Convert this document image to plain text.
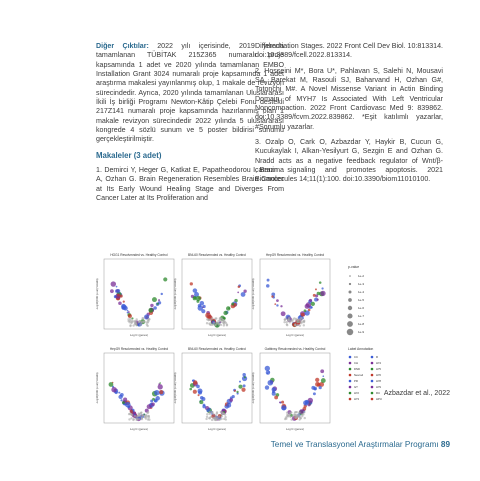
Diğer Çıktılar: 2022 yılı içerisinde, 2019 yılında tamamlanan TÜBİTAK 215Z365 numaralı proje kapsamında 1 adet ve 2020 yılında tamamlanan EMBO Installation Grant 3024 numaralı proje kapsamında 1 adet araştırma makalesi yayınlanmış olup, 1 makale de revizyon sürecindedir. Ayrıca, 2020 yılında tamamlanan Uluslararası İkili İş birliği Programı Newton-Kâtip Çelebi Fonu destekli 217Z141 numaralı proje kapsamında hazırlanmış olan 1 makale revizyon sürecindedir 2022 yılında 5 uluslararası kongrede 4 sözlü sunum ve 5 poster bildirisi sunumu gerçekleştirilmiştir.

Makaleler (3 adet)

1. Demirci Y, Heger G, Katkat E, Papatheodorou I, Brazma A, Ozhan G. Brain Regeneration Resembles Brain Cancer at Its Early Wound Healing Stage and Diverges From Cancer Later at Its Proliferation and

Differentiation Stages. 2022 Front Cell Dev Biol. 10:813314. doi:10.3389/fcell.2022.813314.

2. Hosseini M*, Bora U*, Pahlavan S, Salehi N, Mousavi SA, Barekat M, Rasouli SJ, Baharvand H, Ozhan G#, Totonchi M#. A Novel Missense Variant in Actin Binding Domain of MYH7 Is Associated With Left Ventricular Noncompaction. 2022 Front Cardiovasc Med 9: 839862. doi:10.3389/fcvm.2022.839862. *Eşit katılımlı yazarlar, #Sorumlu yazarlar.

3. Ozalp O, Cark O, Azbazdar Y, Haykir B, Cucun G, Kucukaylak I, Alkan-Yesilyurt G, Sezgin E and Ozhan G. Nradd acts as a negative feedback regulator of Wnt/β-catenin signaling and promotes apoptosis. 2021 Biomolecules 14;11(1):100. doi:10.3390/biom11010100.

HGG1 Resolvmnded vs. Healthy Control
-Log10(FDR p-val) Volatility
Log fc (genes)
BNL60 Resolvmnded vs. Healthy Control
-Log10(FDR p-val) Volatility
Log fc (genes)
HepG9 Resolvmnded vs. Healthy Control
-Log10(FDR p-val) Volatility
Log fc (genes)
HepG9 Resolvmnded vs. Healthy Control
-Log10(FDR p-val) Volatility
Log fc (genes)
BNL60 Resolvmnded vs. Healthy Control
-Log10(FDR p-val) Volatility
Log fc (genes)
Gatbinsy Resolvmnded vs. Healthy Control
-Log10(FDR p-val) Volatility
Log fc (genes)
p-value
1e-2
1e-3
1e-4
1e-5
1e-6
1e-7
1e-8
1e-9
Label Annotation
CC
CH
DND
Neurod
PR
GT
LP2
LP3
R
LP4
LP5
LP6
LP8
LP9
RU
HPU
Azbazdar et al., 2022
Temel ve Translasyonel Araştırmalar Programı 89
